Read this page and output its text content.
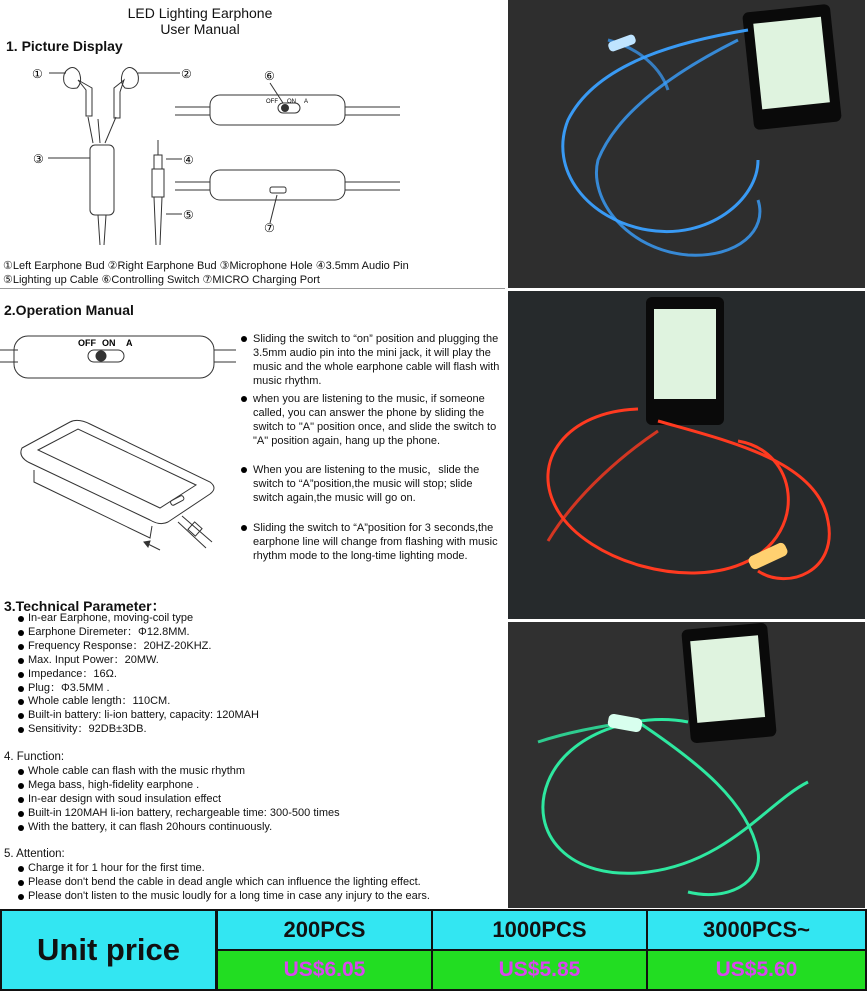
LED Lighting Earphone
User Manual
1. Picture Display
①	②
③	④
⑤
⑥
⑦
OFF ON A
①Left Earphone Bud ②Right Earphone Bud ③Microphone Hole ④3.5mm Audio Pin
⑤Lighting up Cable ⑥Controlling Switch ⑦MICRO Charging Port
2.Operation Manual
OFF ON A	Sliding the switch to “on” position and plugging the 3.5mm audio pin into the mini jack, it will play the music and the whole earphone cable will flash with music rhythm.
when you are listening to the music, if someone called, you can answer the phone by sliding the switch to "A" position once, and slide the switch to "A" position again, hang up the phone.
When you are listening to the music，slide the switch to “A”position,the music will stop; slide switch again,the music will go on.
Sliding the switch to “A”position for 3 seconds,the earphone line will change from flashing with music rhythm mode to the long-time lighting mode.
3.Technical Parameter：
In-ear Earphone, moving-coil type
Earphone Diremeter：Φ12.8MM.
Frequency Response：20HZ-20KHZ.
Max. Input Power：20MW.
Impedance：16Ω.
Plug：Φ3.5MM .
Whole cable length：110CM.
Built-in battery: li-ion battery, capacity: 120MAH
Sensitivity：92DB±3DB.
4. Function:
Whole cable can flash with the music rhythm
Mega bass, high-fidelity earphone .
In-ear design with soud insulation effect
Built-in 120MAH li-ion battery, rechargeable time: 300-500 times
With the battery, it can flash 20hours continuously.
5. Attention:
Charge it for 1 hour for the first time.
Please don't bend the cable in dead angle which can influence the lighting effect.
Please don't listen to the music loudly for a long time in case any injury to the ears.
Unit price
200PCS	1000PCS	3000PCS~
US$6.05	US$5.85	US$5.60
